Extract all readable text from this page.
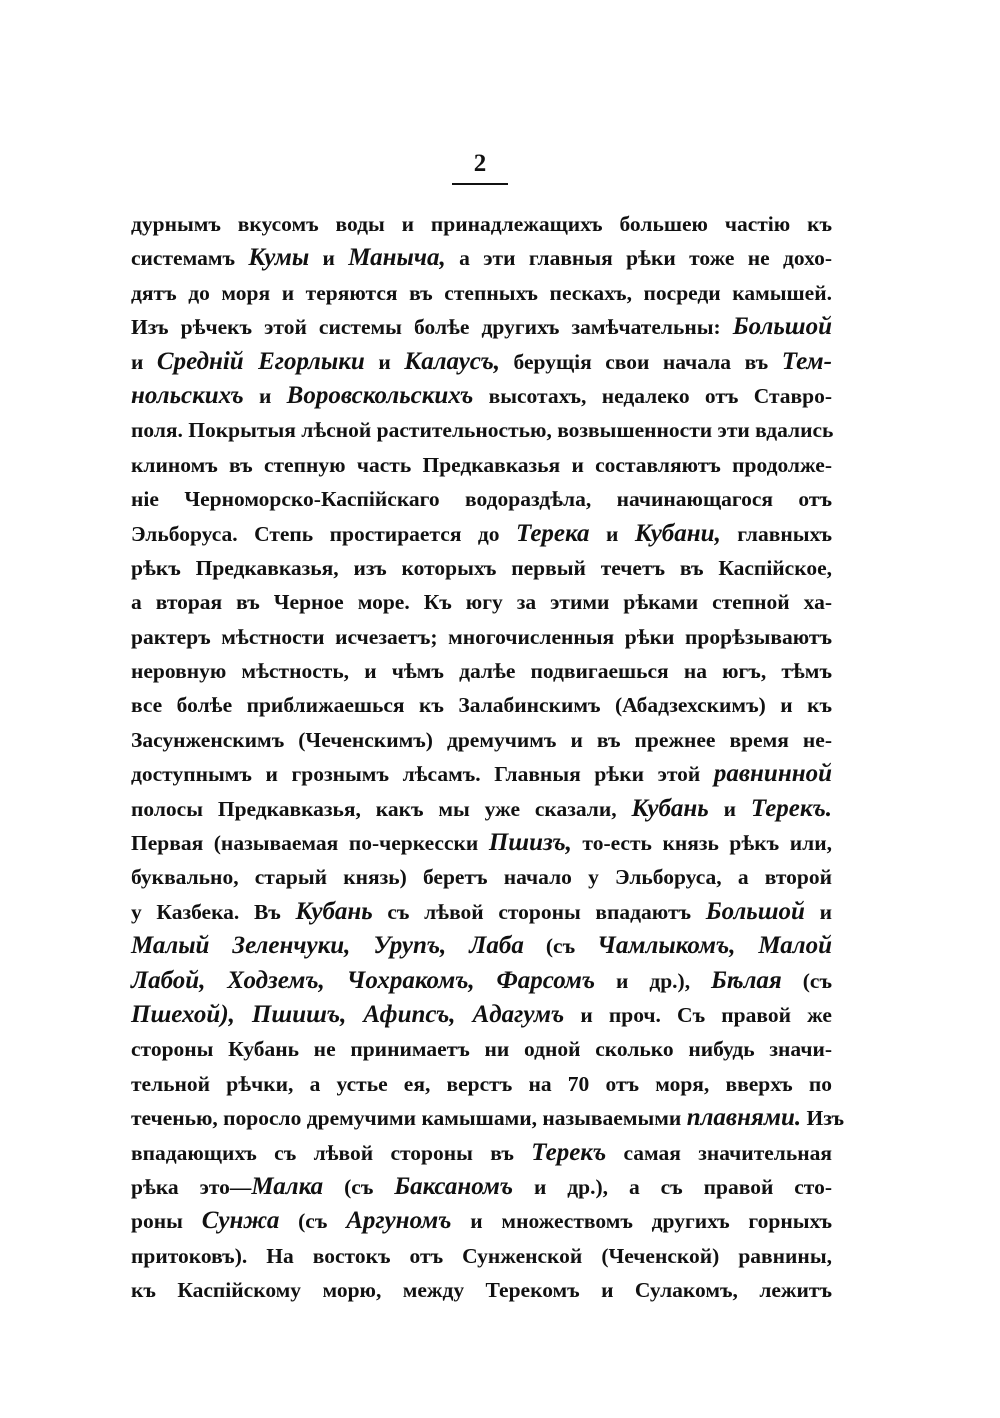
2
дурнымъ вкусомъ воды и принадлежащихъ большею частію къ
системамъ Кумы и Маныча, а эти главныя рѣки тоже не дохо-
дятъ до моря и теряются въ степныхъ пескахъ, посреди камышей.
Изъ рѣчекъ этой системы болѣе другихъ замѣчательны: Большой
и Средній Егорлыки и Калаусъ, берущія свои начала въ Тем-
нольскихъ и Воровскольскихъ высотахъ, недалеко отъ Ставро-
поля. Покрытыя лѣсной растительностью, возвышенности эти вдались
клиномъ въ степную часть Предкавказья и составляютъ продолже-
ніе Черноморско-Каспійскаго водораздѣла, начинающагося отъ
Эльборуса. Степь простирается до Терека и Кубани, главныхъ
рѣкъ Предкавказья, изъ которыхъ первый течетъ въ Каспійское,
а вторая въ Черное море. Къ югу за этими рѣками степной ха-
рактеръ мѣстности исчезаетъ; многочисленныя рѣки прорѣзываютъ
неровную мѣстность, и чѣмъ далѣе подвигаешься на югъ, тѣмъ
все болѣе приближаешься къ Залабинскимъ (Абадзехскимъ) и къ
Засунженскимъ (Чеченскимъ) дремучимъ и въ прежнее время не-
доступнымъ и грознымъ лѣсамъ. Главныя рѣки этой равнинной
полосы Предкавказья, какъ мы уже сказали, Кубань и Терекъ.
Первая (называемая по-черкесски Пшизъ, то-есть князь рѣкъ или,
буквально, старый князь) беретъ начало у Эльборуса, а второй
у Казбека. Въ Кубань съ лѣвой стороны впадаютъ Большой и
Малый Зеленчуки, Урупъ, Лаба (съ Чамлыкомъ, Малой
Лабой, Ходземъ, Чохракомъ, Фарсомъ и др.), Бѣлая (съ
Пшехой), Пшишъ, Афипсъ, Адагумъ и проч. Съ правой же
стороны Кубань не принимаетъ ни одной сколько нибудь значи-
тельной рѣчки, а устье ея, верстъ на 70 отъ моря, вверхъ по
теченью, поросло дремучими камышами, называемыми плавнями. Изъ
впадающихъ съ лѣвой стороны въ Терекъ самая значительная
рѣка это—Малка (съ Баксаномъ и др.), а съ правой сто-
роны Сунжа (съ Аргуномъ и множествомъ другихъ горныхъ
притоковъ). На востокъ отъ Сунженской (Чеченской) равнины,
къ Каспійскому морю, между Терекомъ и Сулакомъ, лежитъ
